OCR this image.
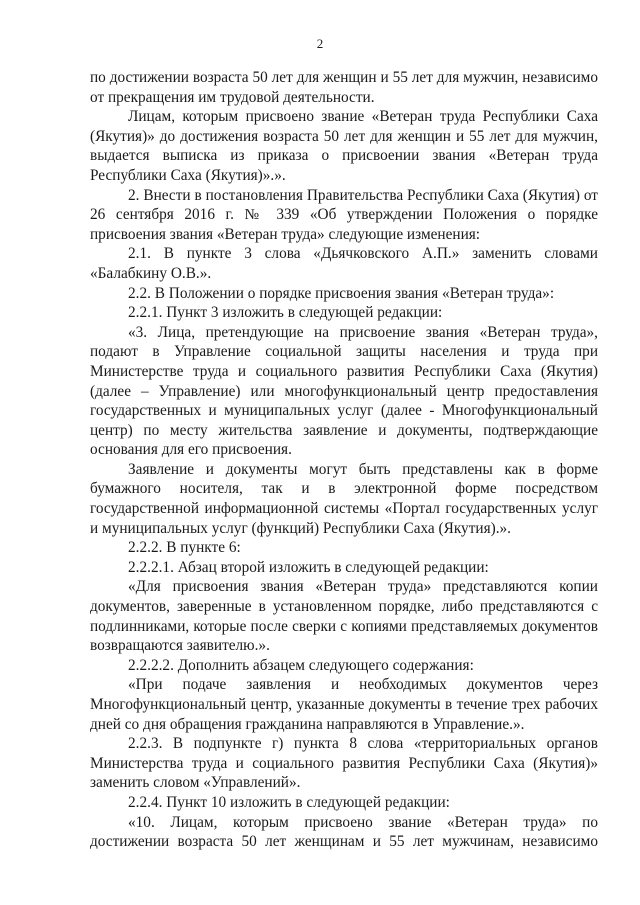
2

по достижении возраста 50 лет для женщин и 55 лет для мужчин, независимо от прекращения им трудовой деятельности.

Лицам, которым присвоено звание «Ветеран труда Республики Саха (Якутия)» до достижения возраста 50 лет для женщин и 55 лет для мужчин, выдается выписка из приказа о присвоении звания «Ветеран труда Республики Саха (Якутия)».».

2. Внести в постановления Правительства Республики Саха (Якутия) от 26 сентября 2016 г. № 339 «Об утверждении Положения о порядке присвоения звания «Ветеран труда» следующие изменения:

2.1. В пункте 3 слова «Дьячковского А.П.» заменить словами «Балабкину О.В.».

2.2. В Положении о порядке присвоения звания «Ветеран труда»:

2.2.1. Пункт 3 изложить в следующей редакции:

«3. Лица, претендующие на присвоение звания «Ветеран труда», подают в Управление социальной защиты населения и труда при Министерстве труда и социального развития Республики Саха (Якутия) (далее – Управление) или многофункциональный центр предоставления государственных и муниципальных услуг (далее - Многофункциональный центр) по месту жительства заявление и документы, подтверждающие основания для его присвоения.

Заявление и документы могут быть представлены как в форме бумажного носителя, так и в электронной форме посредством государственной информационной системы «Портал государственных услуг и муниципальных услуг (функций) Республики Саха (Якутия).».

2.2.2. В пункте 6:

2.2.2.1. Абзац второй изложить в следующей редакции:

«Для присвоения звания «Ветеран труда» представляются копии документов, заверенные в установленном порядке, либо представляются с подлинниками, которые после сверки с копиями представляемых документов возвращаются заявителю.».

2.2.2.2. Дополнить абзацем следующего содержания:

«При подаче заявления и необходимых документов через Многофункциональный центр, указанные документы в течение трех рабочих дней со дня обращения гражданина направляются в Управление.».

2.2.3. В подпункте г) пункта 8 слова «территориальных органов Министерства труда и социального развития Республики Саха (Якутия)» заменить словом «Управлений».

2.2.4. Пункт 10 изложить в следующей редакции:

«10. Лицам, которым присвоено звание «Ветеран труда» по достижении возраста 50 лет женщинам и 55 лет мужчинам, независимо
